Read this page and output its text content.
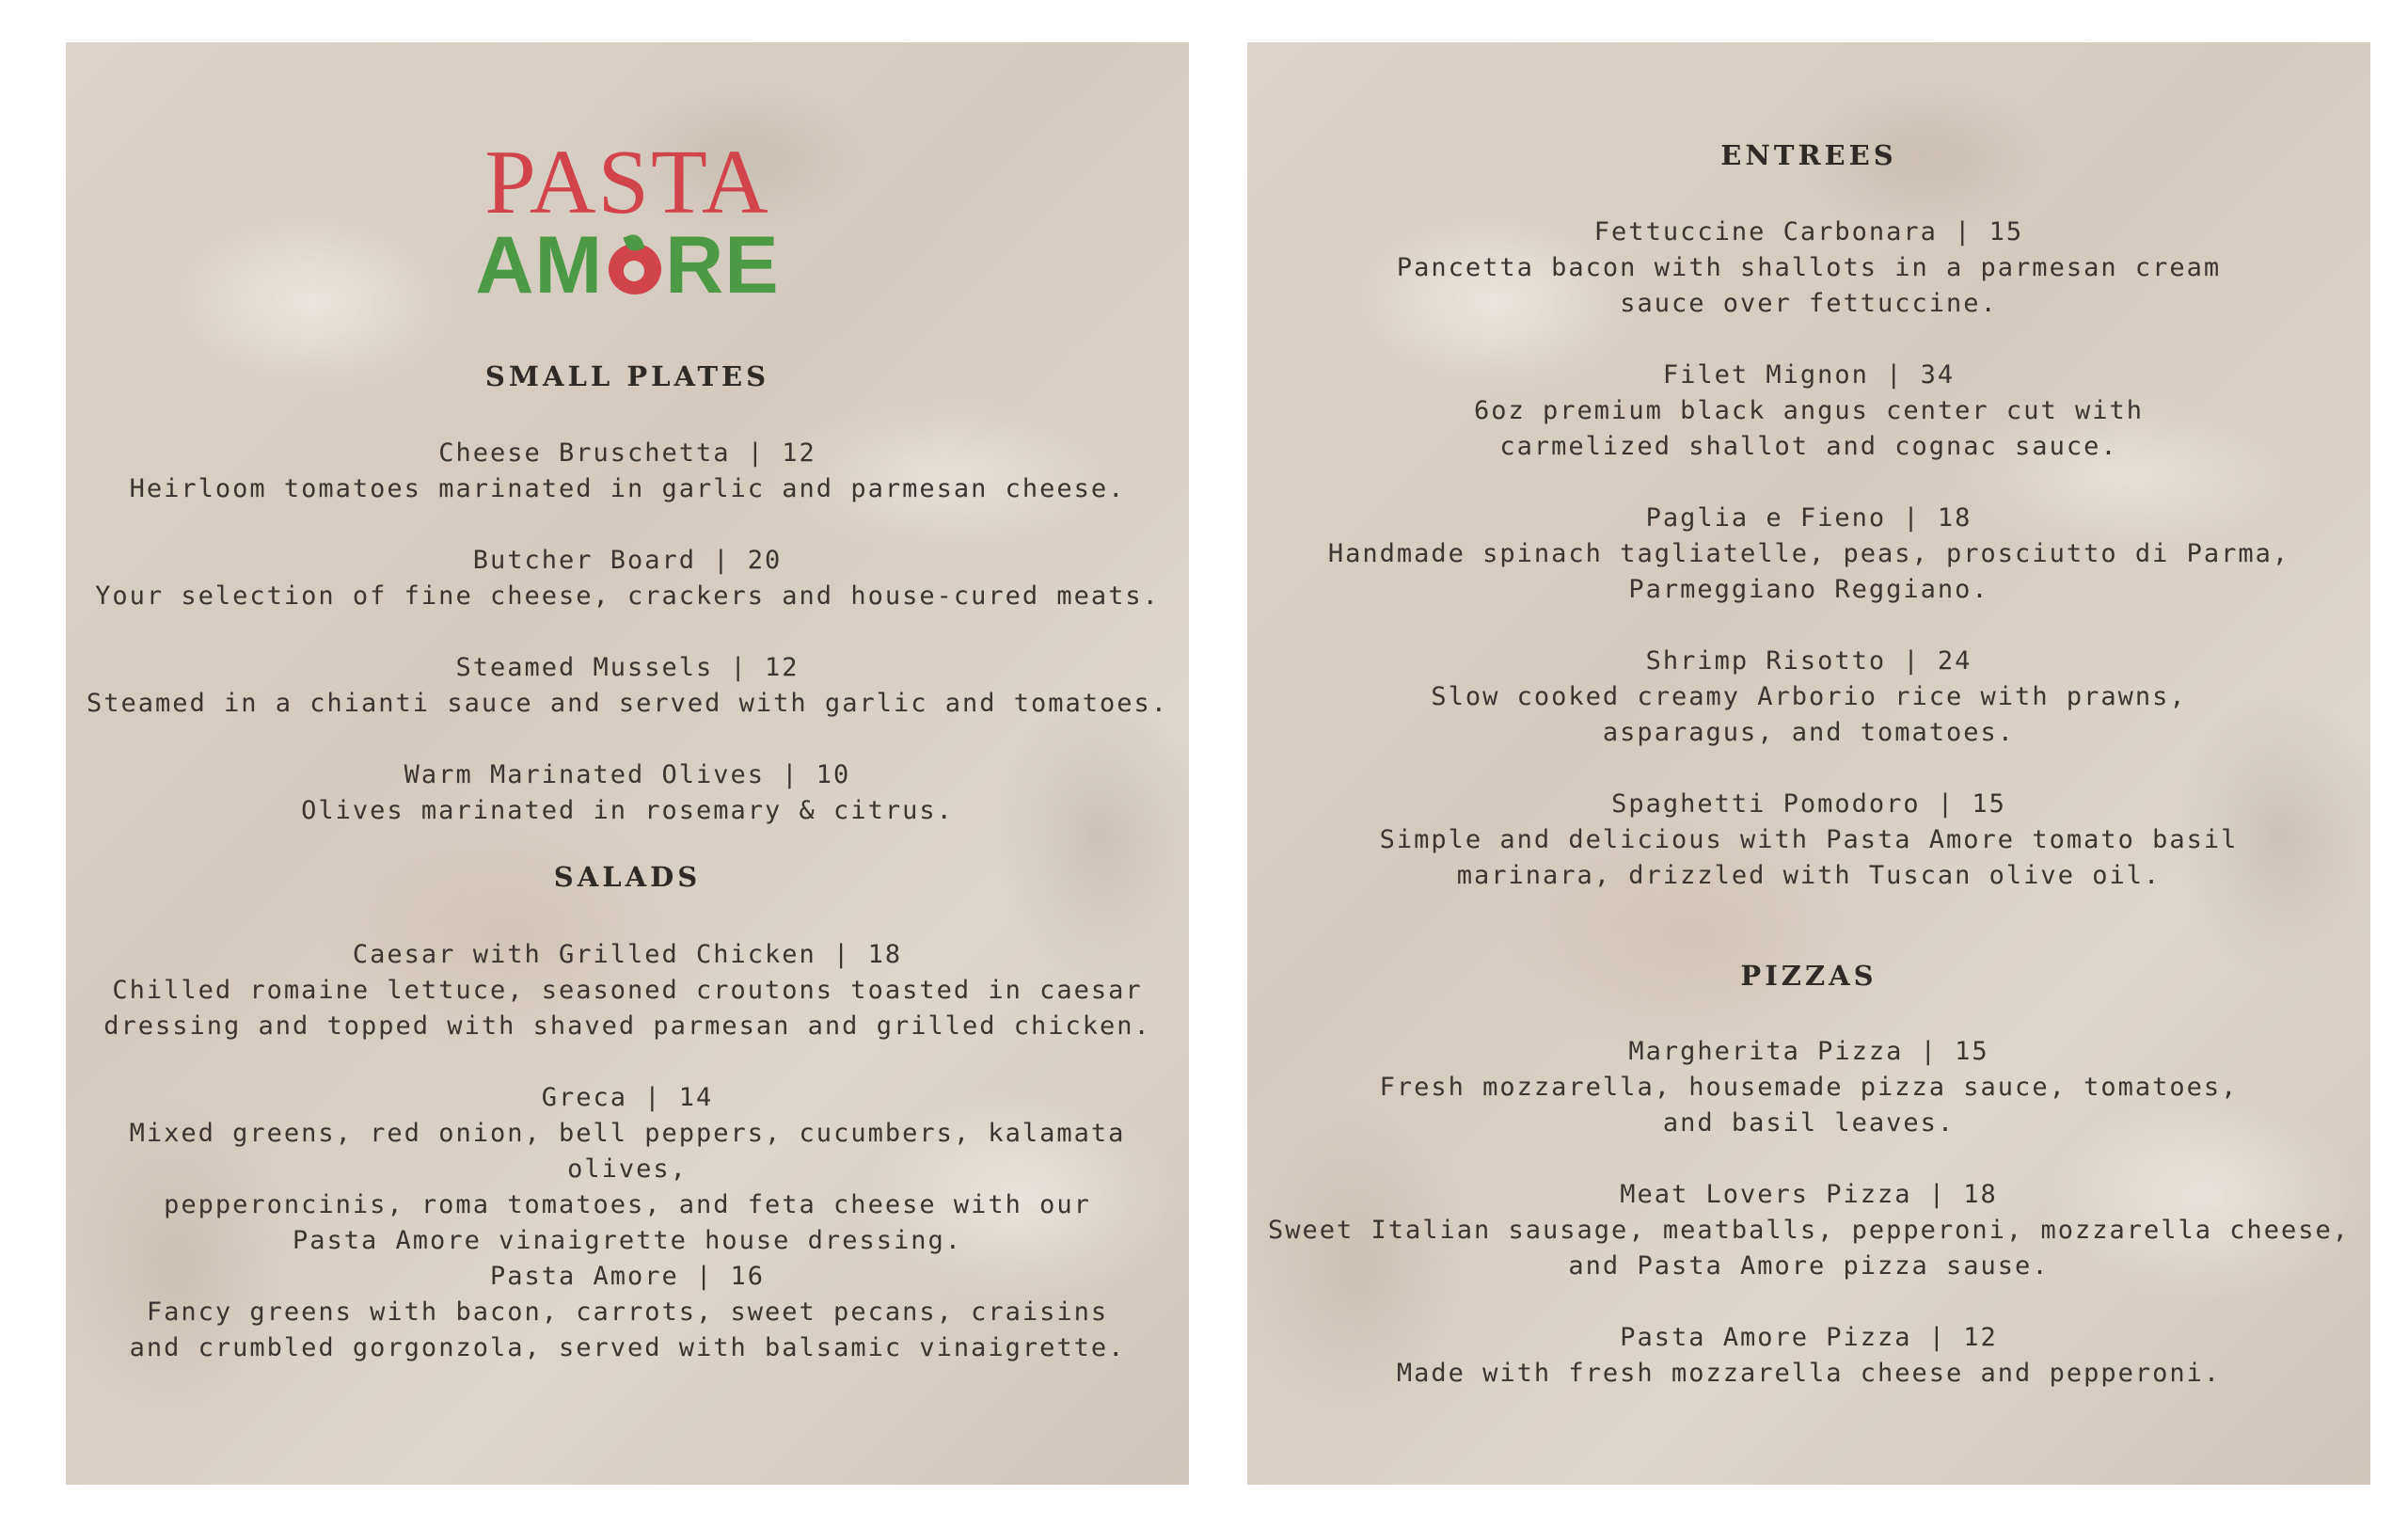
PASTA
AM RE
SMALL PLATES
Cheese Bruschetta | 12
Heirloom tomatoes marinated in garlic and parmesan cheese.
Butcher Board | 20
Your selection of fine cheese, crackers and house-cured meats.
Steamed Mussels | 12
Steamed in a chianti sauce and served with garlic and tomatoes.
Warm Marinated Olives | 10
Olives marinated in rosemary & citrus.
SALADS
Caesar with Grilled Chicken | 18
Chilled romaine lettuce, seasoned croutons toasted in caesar
dressing and topped with shaved parmesan and grilled chicken.
Greca | 14
Mixed greens, red onion, bell peppers, cucumbers, kalamata olives,
pepperoncinis, roma tomatoes, and feta cheese with our
Pasta Amore vinaigrette house dressing.
Pasta Amore | 16
Fancy greens with bacon, carrots, sweet pecans, craisins
and crumbled gorgonzola, served with balsamic vinaigrette.
ENTREES
Fettuccine Carbonara | 15
Pancetta bacon with shallots in a parmesan cream
sauce over fettuccine.
Filet Mignon | 34
6oz premium black angus center cut with
carmelized shallot and cognac sauce.
Paglia e Fieno | 18
Handmade spinach tagliatelle, peas, prosciutto di Parma,
Parmeggiano Reggiano.
Shrimp Risotto | 24
Slow cooked creamy Arborio rice with prawns,
asparagus, and tomatoes.
Spaghetti Pomodoro | 15
Simple and delicious with Pasta Amore tomato basil
marinara, drizzled with Tuscan olive oil.
PIZZAS
Margherita Pizza | 15
Fresh mozzarella, housemade pizza sauce, tomatoes,
and basil leaves.
Meat Lovers Pizza | 18
Sweet Italian sausage, meatballs, pepperoni, mozzarella cheese,
and Pasta Amore pizza sause.
Pasta Amore Pizza | 12
Made with fresh mozzarella cheese and pepperoni.
